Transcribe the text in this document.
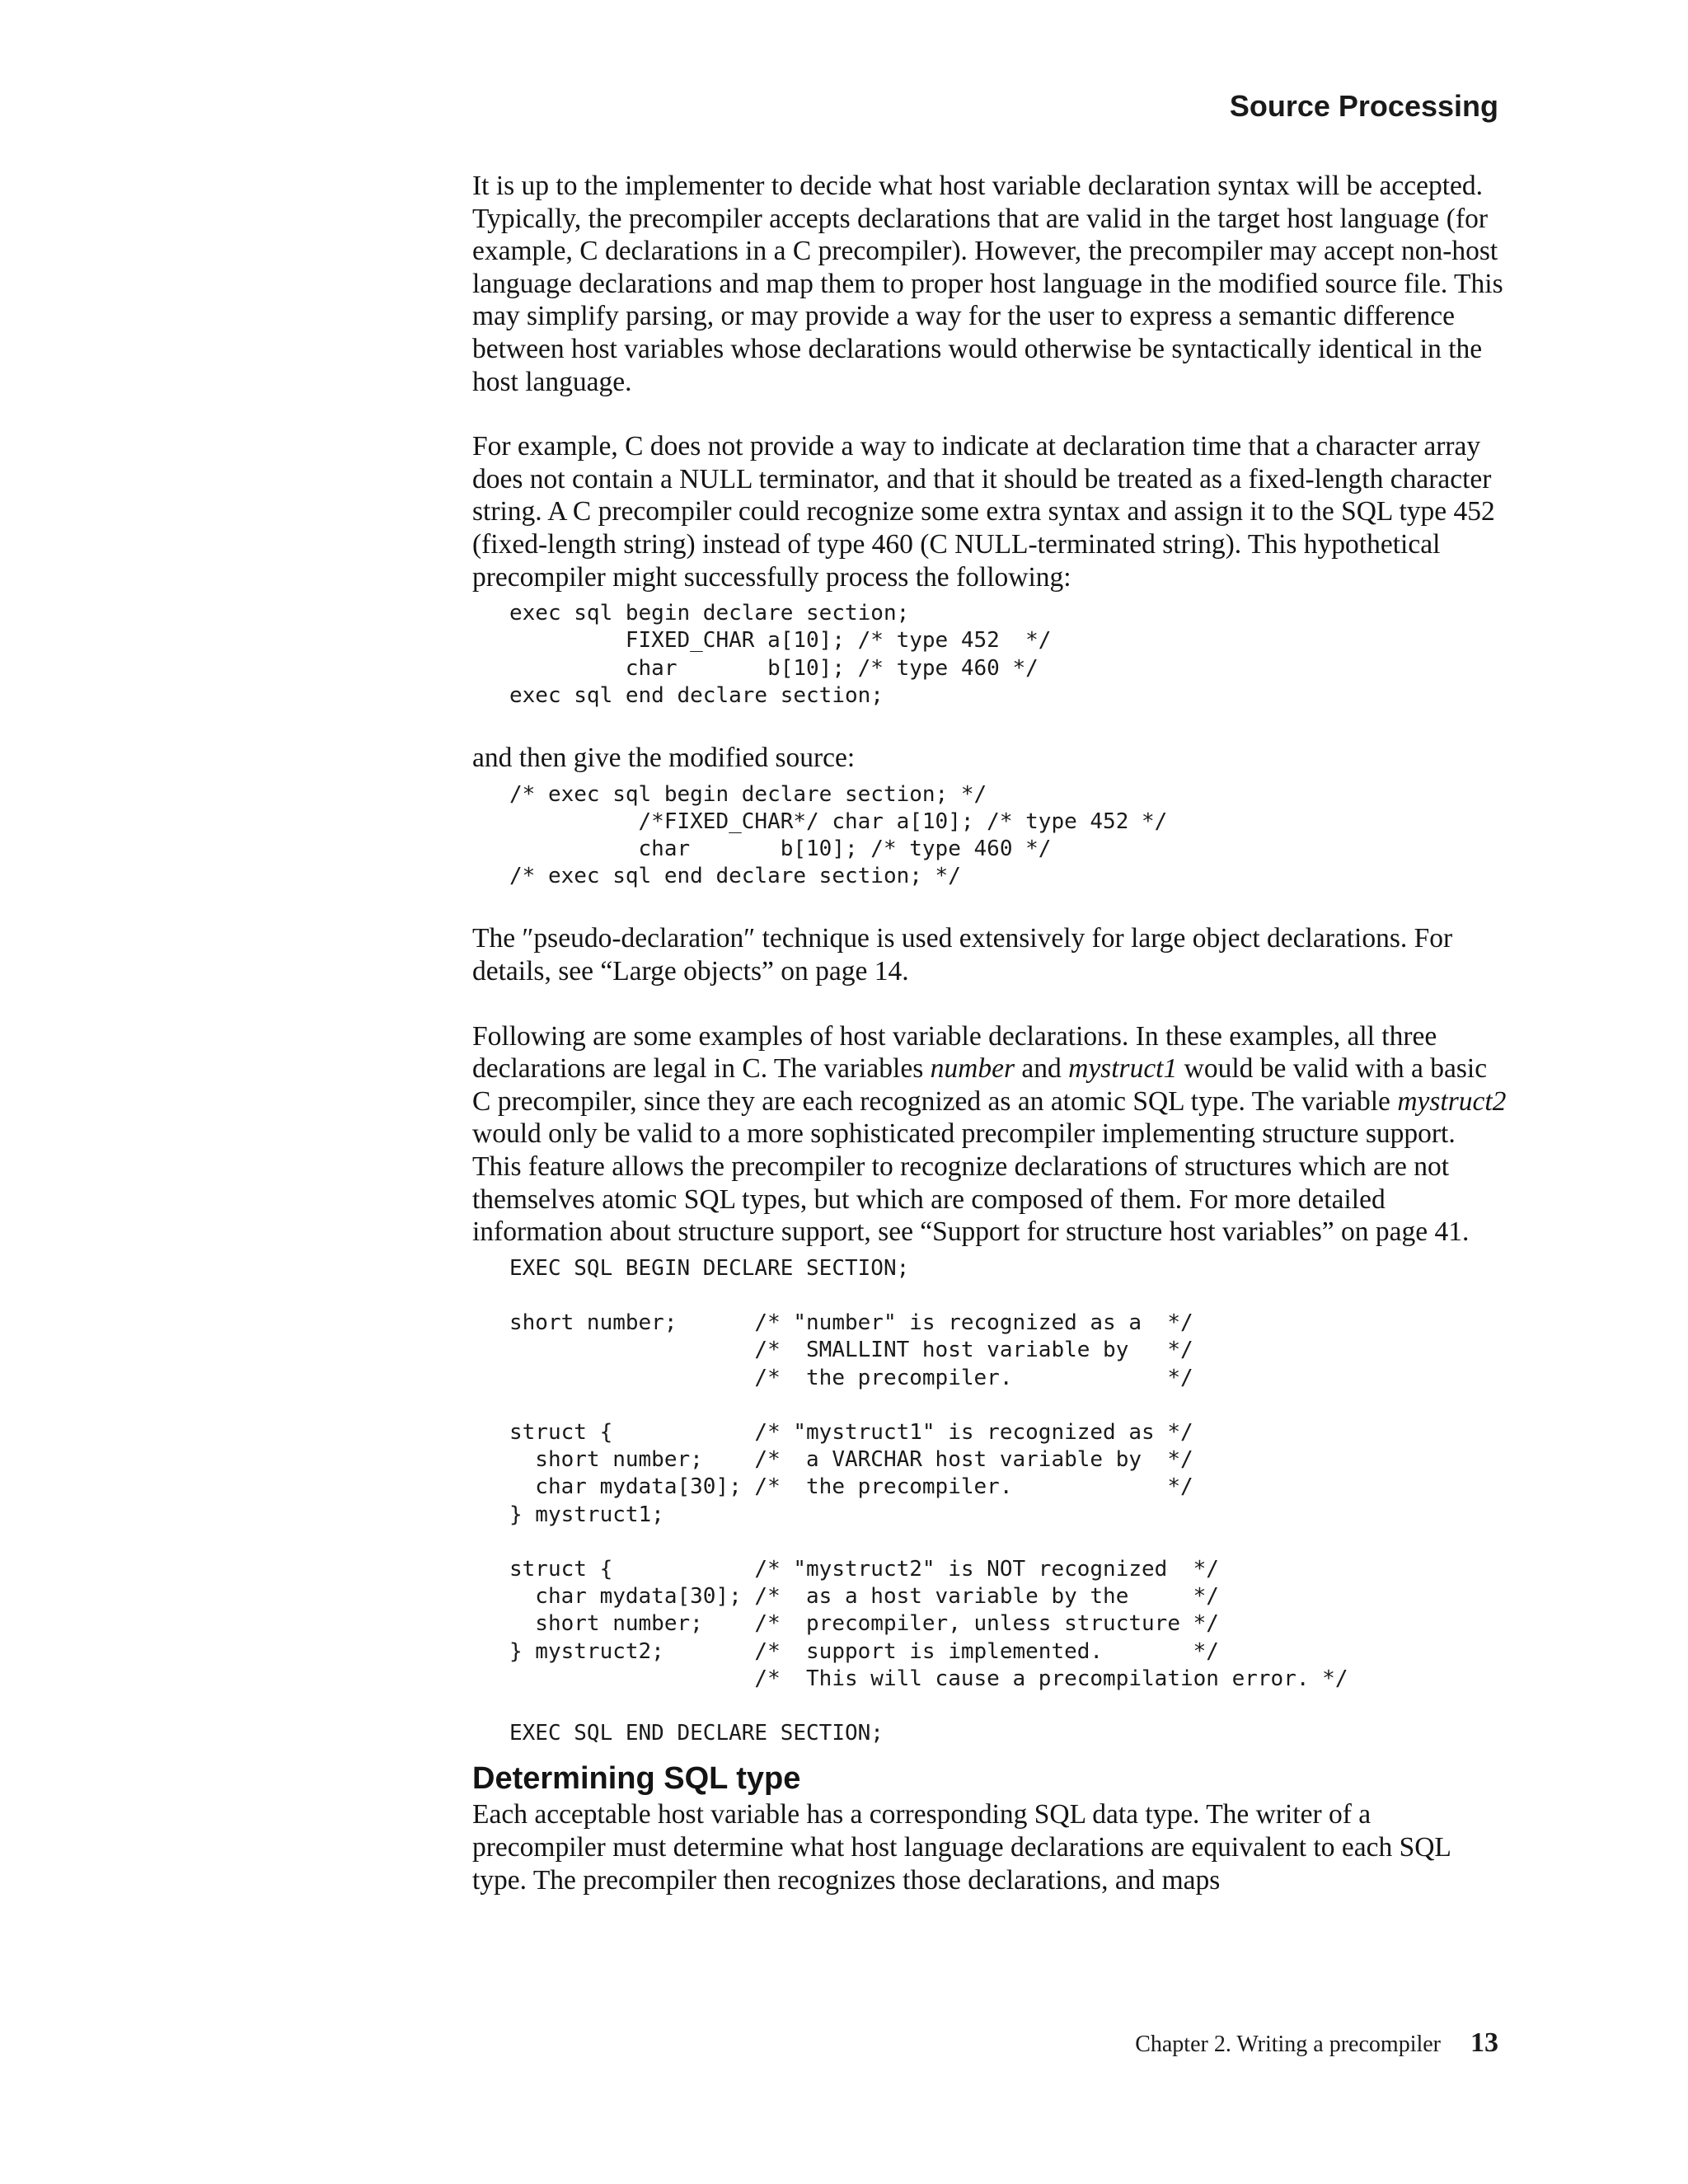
Source Processing

It is up to the implementer to decide what host variable declaration syntax will be accepted. Typically, the precompiler accepts declarations that are valid in the target host language (for example, C declarations in a C precompiler). However, the precompiler may accept non-host language declarations and map them to proper host language in the modified source file. This may simplify parsing, or may provide a way for the user to express a semantic difference between host variables whose declarations would otherwise be syntactically identical in the host language.

For example, C does not provide a way to indicate at declaration time that a character array does not contain a NULL terminator, and that it should be treated as a fixed-length character string. A C precompiler could recognize some extra syntax and assign it to the SQL type 452 (fixed-length string) instead of type 460 (C NULL-terminated string). This hypothetical precompiler might successfully process the following:

exec sql begin declare section;
FIXED_CHAR a[10]; /* type 452  */
char       b[10]; /* type 460 */
exec sql end declare section;

and then give the modified source:

/* exec sql begin declare section; */
/*FIXED_CHAR*/ char a[10]; /* type 452 */
char       b[10]; /* type 460 */
/* exec sql end declare section; */

The ″pseudo-declaration″ technique is used extensively for large object declarations. For details, see “Large objects” on page 14.

Following are some examples of host variable declarations. In these examples, all three declarations are legal in C. The variables number and mystruct1 would be valid with a basic C precompiler, since they are each recognized as an atomic SQL type. The variable mystruct2 would only be valid to a more sophisticated precompiler implementing structure support. This feature allows the precompiler to recognize declarations of structures which are not themselves atomic SQL types, but which are composed of them. For more detailed information about structure support, see “Support for structure host variables” on page 41.

EXEC SQL BEGIN DECLARE SECTION;

short number;      /* "number" is recognized as a  */
/*  SMALLINT host variable by   */
/*  the precompiler.            */

struct {           /* "mystruct1" is recognized as */
short number;    /*  a VARCHAR host variable by  */
char mydata[30]; /*  the precompiler.            */
} mystruct1;

struct {           /* "mystruct2" is NOT recognized  */
char mydata[30]; /*  as a host variable by the     */
short number;    /*  precompiler, unless structure */
} mystruct2;       /*  support is implemented.       */
/*  This will cause a precompilation error. */

EXEC SQL END DECLARE SECTION;
Determining SQL type

Each acceptable host variable has a corresponding SQL data type. The writer of a precompiler must determine what host language declarations are equivalent to each SQL type. The precompiler then recognizes those declarations, and maps

Chapter 2. Writing a precompiler 13
